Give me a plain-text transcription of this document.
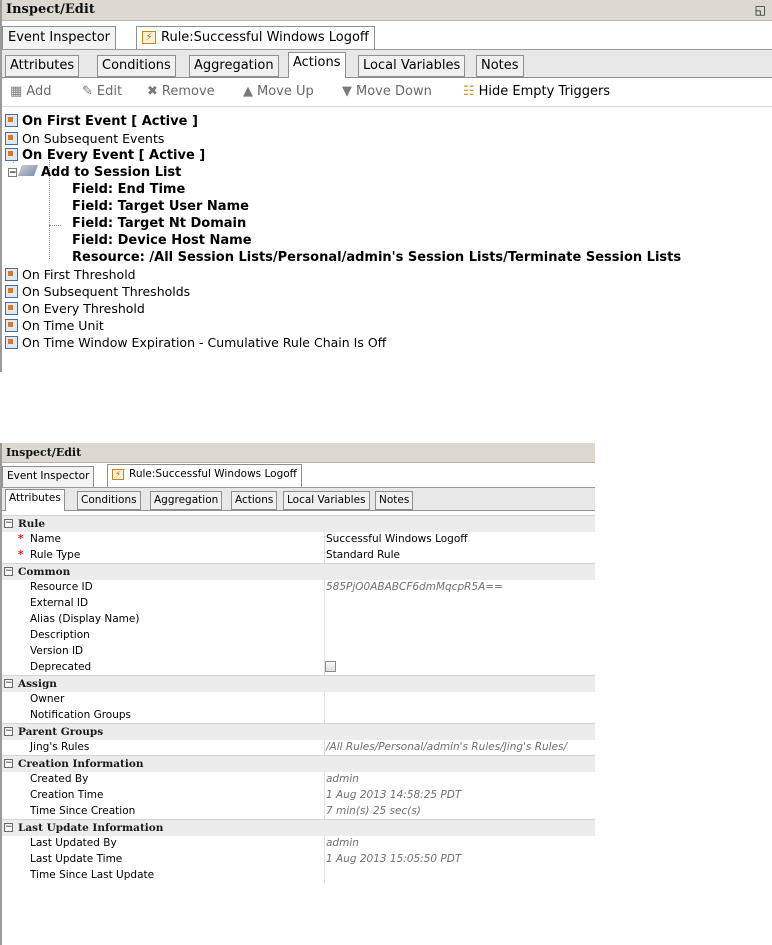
Inspect/Edit	◱
Event Inspector	⚡ Rule:Successful Windows Logoff
Attributes	Conditions	Aggregation	Actions	Local Variables	Notes
▦ Add ✎ Edit ✖ Remove ▲ Move Up ▼ Move Down ☷ Hide Empty Triggers
On First Event [ Active ]
On Subsequent Events
On Every Event [ Active ]
− Add to Session List
Field: End Time
Field: Target User Name
Field: Target Nt Domain
Field: Device Host Name
Resource: /All Session Lists/Personal/admin's Session Lists/Terminate Session Lists
On First Threshold
On Subsequent Thresholds
On Every Threshold
On Time Unit
On Time Window Expiration - Cumulative Rule Chain Is Off
Inspect/Edit
Event Inspector	⚡ Rule:Successful Windows Logoff
Attributes	Conditions	Aggregation	Actions	Local Variables	Notes
− Rule
* Name	Successful Windows Logoff
* Rule Type	Standard Rule
− Common
Resource ID	585PjO0ABABCF6dmMqcpR5A==
External ID
Alias (Display Name)
Description
Version ID
Deprecated
− Assign
Owner
Notification Groups
− Parent Groups
Jing's Rules	/All Rules/Personal/admin's Rules/Jing's Rules/
− Creation Information
Created By	admin
Creation Time	1 Aug 2013 14:58:25 PDT
Time Since Creation	7 min(s) 25 sec(s)
− Last Update Information
Last Updated By	admin
Last Update Time	1 Aug 2013 15:05:50 PDT
Time Since Last Update
